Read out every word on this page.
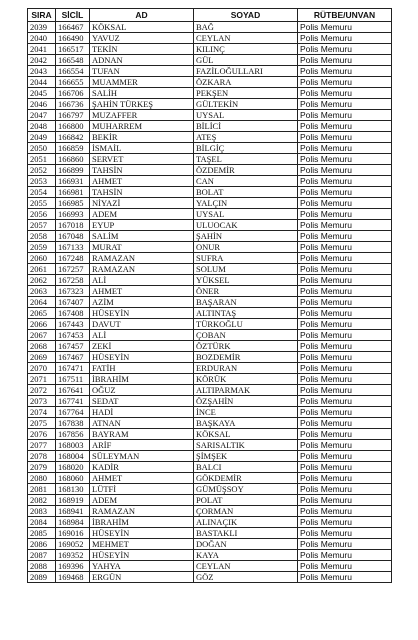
SIRA	SİCİL	AD	SOYAD	RÜTBE/UNVAN
2039	166467	KÖKSAL	BAĞ	Polis Memuru
2040	166490	YAVUZ	CEYLAN	Polis Memuru
2041	166517	TEKİN	KILINÇ	Polis Memuru
2042	166548	ADNAN	GÜL	Polis Memuru
2043	166554	TUFAN	FAZİLOĞULLARI	Polis Memuru
2044	166655	MUAMMER	ÖZKARA	Polis Memuru
2045	166706	SALİH	PEKŞEN	Polis Memuru
2046	166736	ŞAHİN TÜRKEŞ	GÜLTEKİN	Polis Memuru
2047	166797	MUZAFFER	UYSAL	Polis Memuru
2048	166800	MUHARREM	BİLİCİ	Polis Memuru
2049	166842	BEKİR	ATEŞ	Polis Memuru
2050	166859	İSMAİL	BİLGİÇ	Polis Memuru
2051	166860	SERVET	TAŞEL	Polis Memuru
2052	166899	TAHSİN	ÖZDEMİR	Polis Memuru
2053	166931	AHMET	CAN	Polis Memuru
2054	166981	TAHSİN	BOLAT	Polis Memuru
2055	166985	NİYAZİ	YALÇIN	Polis Memuru
2056	166993	ADEM	UYSAL	Polis Memuru
2057	167018	EYUP	ULUOCAK	Polis Memuru
2058	167048	SALİM	ŞAHİN	Polis Memuru
2059	167133	MURAT	ONUR	Polis Memuru
2060	167248	RAMAZAN	SUFRA	Polis Memuru
2061	167257	RAMAZAN	SOLUM	Polis Memuru
2062	167258	ALİ	YÜKSEL	Polis Memuru
2063	167323	AHMET	ÖNER	Polis Memuru
2064	167407	AZİM	BAŞARAN	Polis Memuru
2065	167408	HÜSEYİN	ALTINTAŞ	Polis Memuru
2066	167443	DAVUT	TÜRKOĞLU	Polis Memuru
2067	167453	ALİ	ÇOBAN	Polis Memuru
2068	167457	ZEKİ	ÖZTÜRK	Polis Memuru
2069	167467	HÜSEYİN	BOZDEMİR	Polis Memuru
2070	167471	FATİH	ERDURAN	Polis Memuru
2071	167511	İBRAHİM	KÖRÜK	Polis Memuru
2072	167641	OĞUZ	ALTIPARMAK	Polis Memuru
2073	167741	SEDAT	ÖZŞAHİN	Polis Memuru
2074	167764	HADİ	İNCE	Polis Memuru
2075	167838	ATNAN	BAŞKAYA	Polis Memuru
2076	167856	BAYRAM	KÖKSAL	Polis Memuru
2077	168003	ARİF	SARISALTIK	Polis Memuru
2078	168004	SÜLEYMAN	ŞİMŞEK	Polis Memuru
2079	168020	KADİR	BALCI	Polis Memuru
2080	168060	AHMET	GÖKDEMİR	Polis Memuru
2081	168130	LÜTFİ	GÜMÜŞSOY	Polis Memuru
2082	168919	ADEM	POLAT	Polis Memuru
2083	168941	RAMAZAN	ÇORMAN	Polis Memuru
2084	168984	İBRAHİM	ALINAÇIK	Polis Memuru
2085	169016	HÜSEYİN	BASTAKLI	Polis Memuru
2086	169052	MEHMET	DOĞAN	Polis Memuru
2087	169352	HÜSEYİN	KAYA	Polis Memuru
2088	169396	YAHYA	CEYLAN	Polis Memuru
2089	169468	ERGÜN	GÖZ	Polis Memuru
